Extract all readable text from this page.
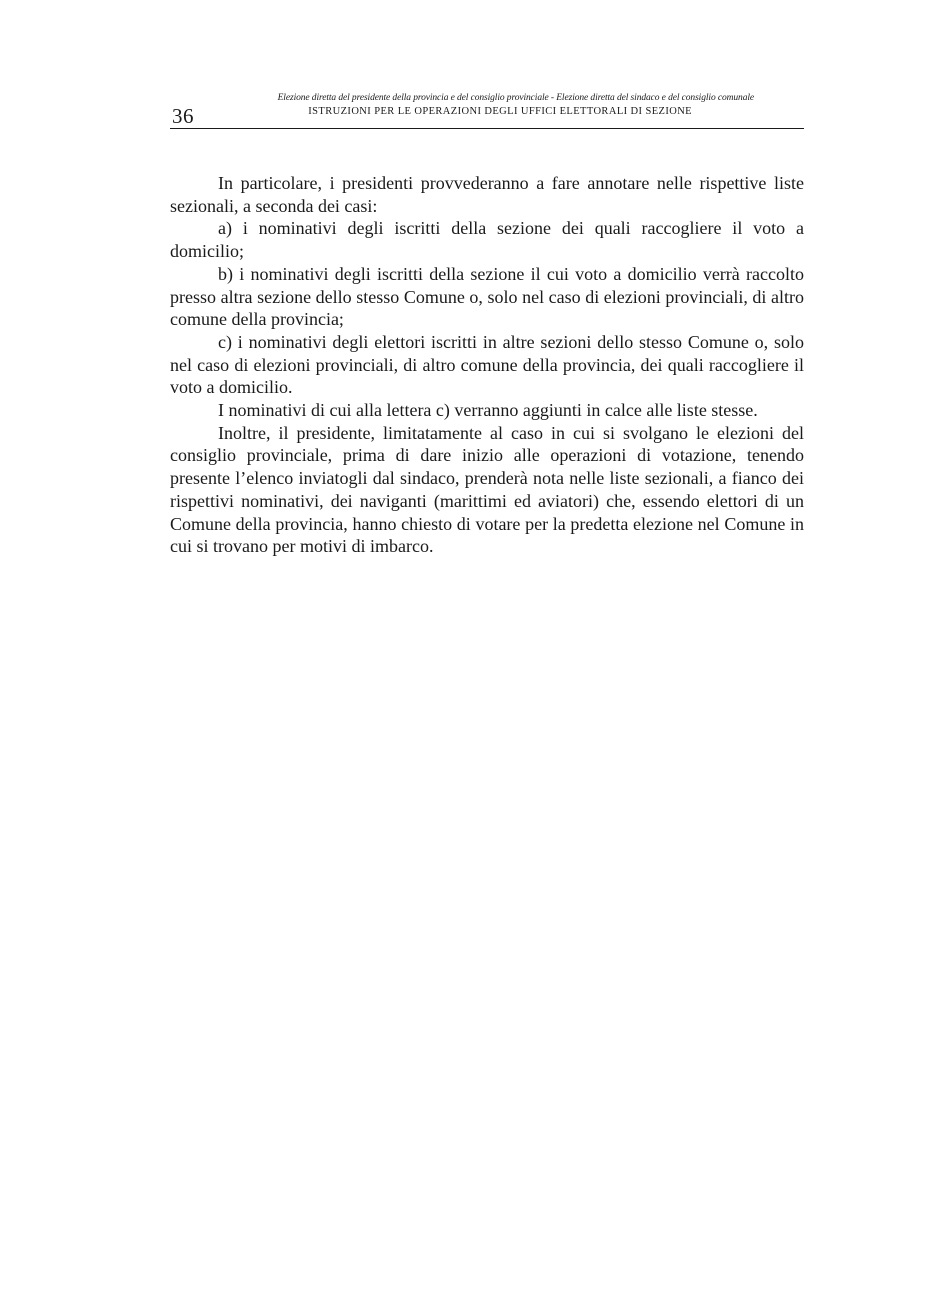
36
Elezione diretta del presidente della provincia e del consiglio provinciale - Elezione diretta del sindaco e del consiglio comunale
ISTRUZIONI PER LE OPERAZIONI DEGLI UFFICI ELETTORALI DI SEZIONE

In particolare, i presidenti provvederanno a fare annotare nelle rispettive liste sezionali, a seconda dei casi:

a) i nominativi degli iscritti della sezione dei quali raccogliere il voto a domicilio;

b) i nominativi degli iscritti della sezione il cui voto a domicilio verrà raccolto presso altra sezione dello stesso Comune o, solo nel caso di elezioni provinciali, di altro comune della provincia;

c) i nominativi degli elettori iscritti in altre sezioni dello stesso Comune o, solo nel caso di elezioni provinciali, di altro comune della provincia, dei quali raccogliere il voto a domicilio.

I nominativi di cui alla lettera c) verranno aggiunti in calce alle liste stesse.

Inoltre, il presidente, limitatamente al caso in cui si svolgano le elezioni del consiglio provinciale, prima di dare inizio alle operazioni di votazione, tenendo presente l’elenco inviatogli dal sindaco, prenderà nota nelle liste sezionali, a fianco dei rispettivi nominativi, dei naviganti (marittimi ed aviatori) che, essendo elettori di un Comune della provincia, hanno chiesto di votare per la predetta elezione nel Comune in cui si trovano per motivi di imbarco.
